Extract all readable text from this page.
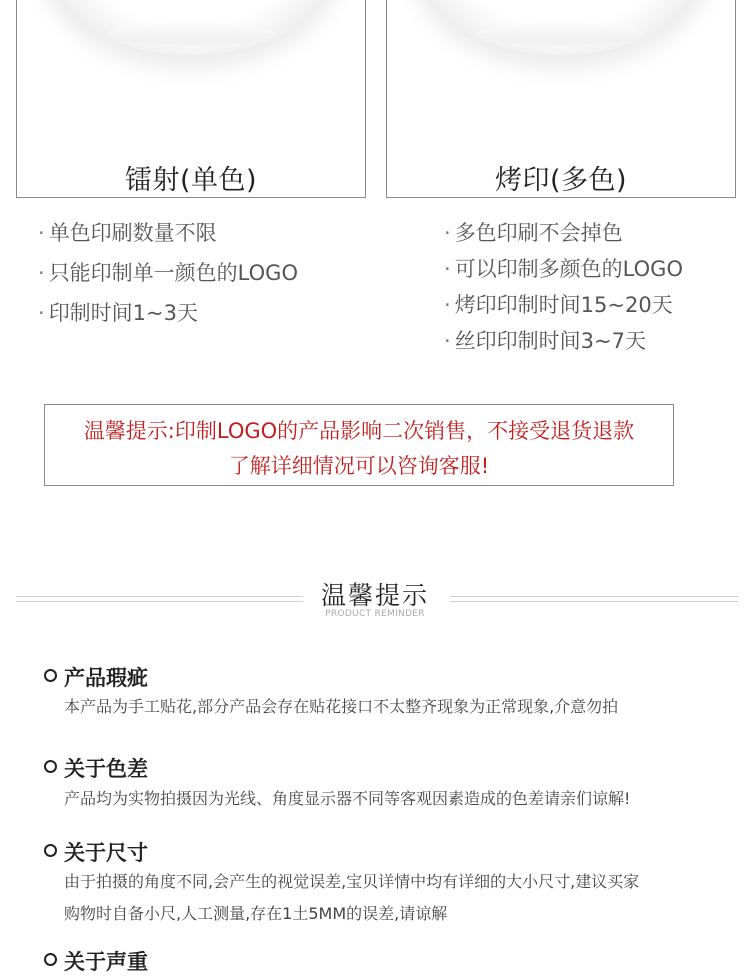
镭射(单色)	烤印(多色)
· 单色印刷数量不限
· 只能印制单一颜色的LOGO
· 印制时间1~3天
· 多色印刷不会掉色
· 可以印制多颜色的LOGO
· 烤印印制时间15~20天
· 丝印印制时间3~7天
温馨提示:印制LOGO的产品影响二次销售，不接受退货退款
了解详细情况可以咨询客服!
温馨提示
PRODUCT REMINDER
产品瑕疵
本产品为手工贴花,部分产品会存在贴花接口不太整齐现象为正常现象,介意勿拍
关于色差
产品均为实物拍摄因为光线、角度显示器不同等客观因素造成的色差请亲们谅解!
关于尺寸
由于拍摄的角度不同,会产生的视觉误差,宝贝详情中均有详细的大小尺寸,建议买家
购物时自备小尺,人工测量,存在1土5MM的误差,请谅解
关于声重
